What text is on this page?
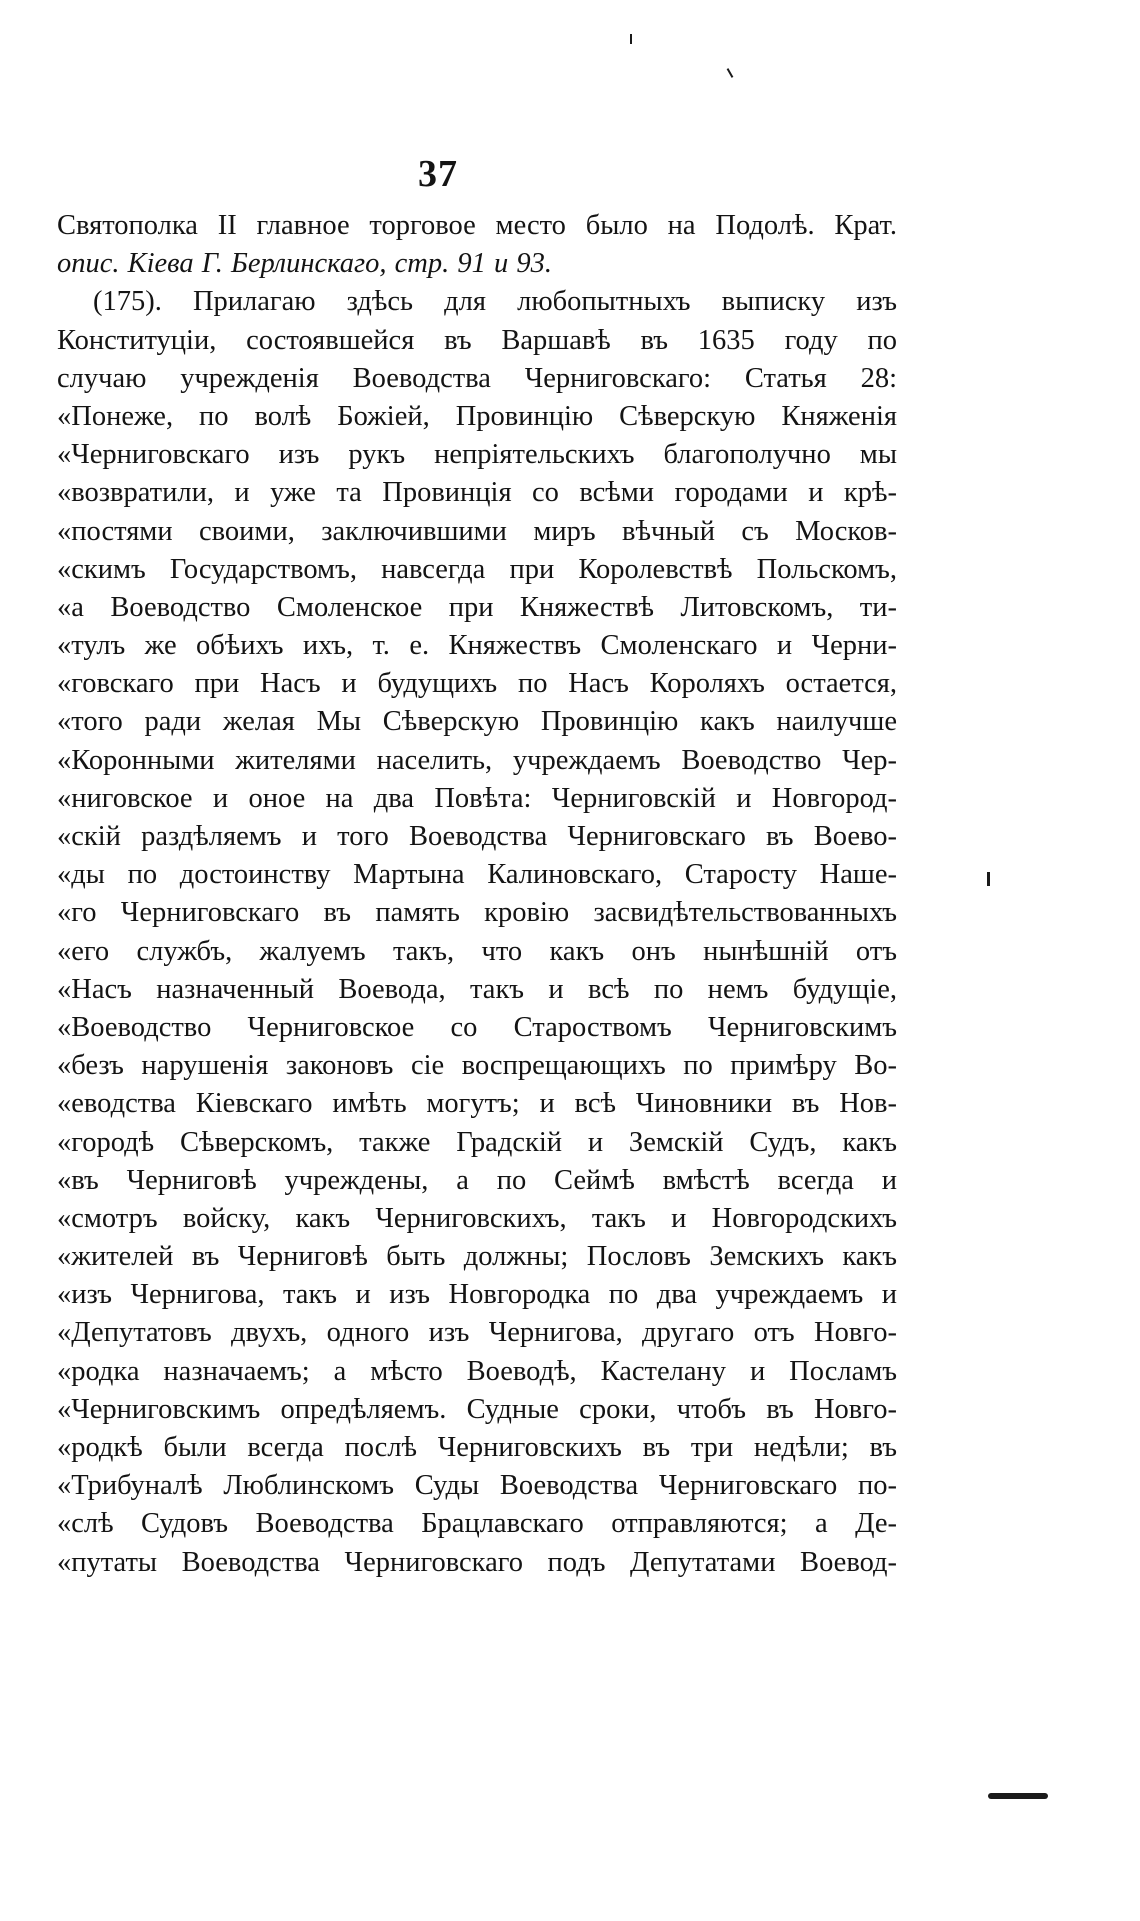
37
Святополка II главное торговое место было на Подолѣ. Крат.
опис. Кіева Г. Берлинскаго, стр. 91 и 93.
(175). Прилагаю здѣсь для любопытныхъ выписку изъ
Конституціи, состоявшейся въ Варшавѣ въ 1635 году по
случаю учрежденія Воеводства Черниговскаго: Статья 28:
«Понеже, по волѣ Божіей, Провинцію Сѣверскую Княженія
«Черниговскаго изъ рукъ непріятельскихъ благополучно мы
«возвратили, и уже та Провинція со всѣми городами и крѣ-
«постями своими, заключившими миръ вѣчный съ Москов-
«скимъ Государствомъ, навсегда при Королевствѣ Польскомъ,
«а Воеводство Смоленское при Княжествѣ Литовскомъ, ти-
«тулъ же обѣихъ ихъ, т. е. Княжествъ Смоленскаго и Черни-
«говскаго при Насъ и будущихъ по Насъ Короляхъ остается,
«того ради желая Мы Сѣверскую Провинцію какъ наилучше
«Коронными жителями населить, учреждаемъ Воеводство Чер-
«ниговское и оное на два Повѣта: Черниговскій и Новгород-
«скій раздѣляемъ и того Воеводства Черниговскаго въ Воево-
«ды по достоинству Мартына Калиновскаго, Старосту Наше-
«го Черниговскаго въ память кровію засвидѣтельствованныхъ
«его службъ, жалуемъ такъ, что какъ онъ нынѣшній отъ
«Насъ назначенный Воевода, такъ и всѣ по немъ будущіе,
«Воеводство Черниговское со Староствомъ Черниговскимъ
«безъ нарушенія законовъ сіе воспрещающихъ по примѣру Во-
«еводства Кіевскаго имѣть могутъ; и всѣ Чиновники въ Нов-
«городѣ Сѣверскомъ, также Градскій и Земскій Судъ, какъ
«въ Черниговѣ учреждены, а по Сеймѣ вмѣстѣ всегда и
«смотръ войску, какъ Черниговскихъ, такъ и Новгородскихъ
«жителей въ Черниговѣ быть должны; Пословъ Земскихъ какъ
«изъ Чернигова, такъ и изъ Новгородка по два учреждаемъ и
«Депутатовъ двухъ, одного изъ Чернигова, другаго отъ Новго-
«родка назначаемъ; а мѣсто Воеводѣ, Кастелану и Посламъ
«Черниговскимъ опредѣляемъ. Судные сроки, чтобъ въ Новго-
«родкѣ были всегда послѣ Черниговскихъ въ три недѣли; въ
«Трибуналѣ Люблинскомъ Суды Воеводства Черниговскаго по-
«слѣ Судовъ Воеводства Брацлавскаго отправляются; а Де-
«путаты Воеводства Черниговскаго подъ Депутатами Воевод-
